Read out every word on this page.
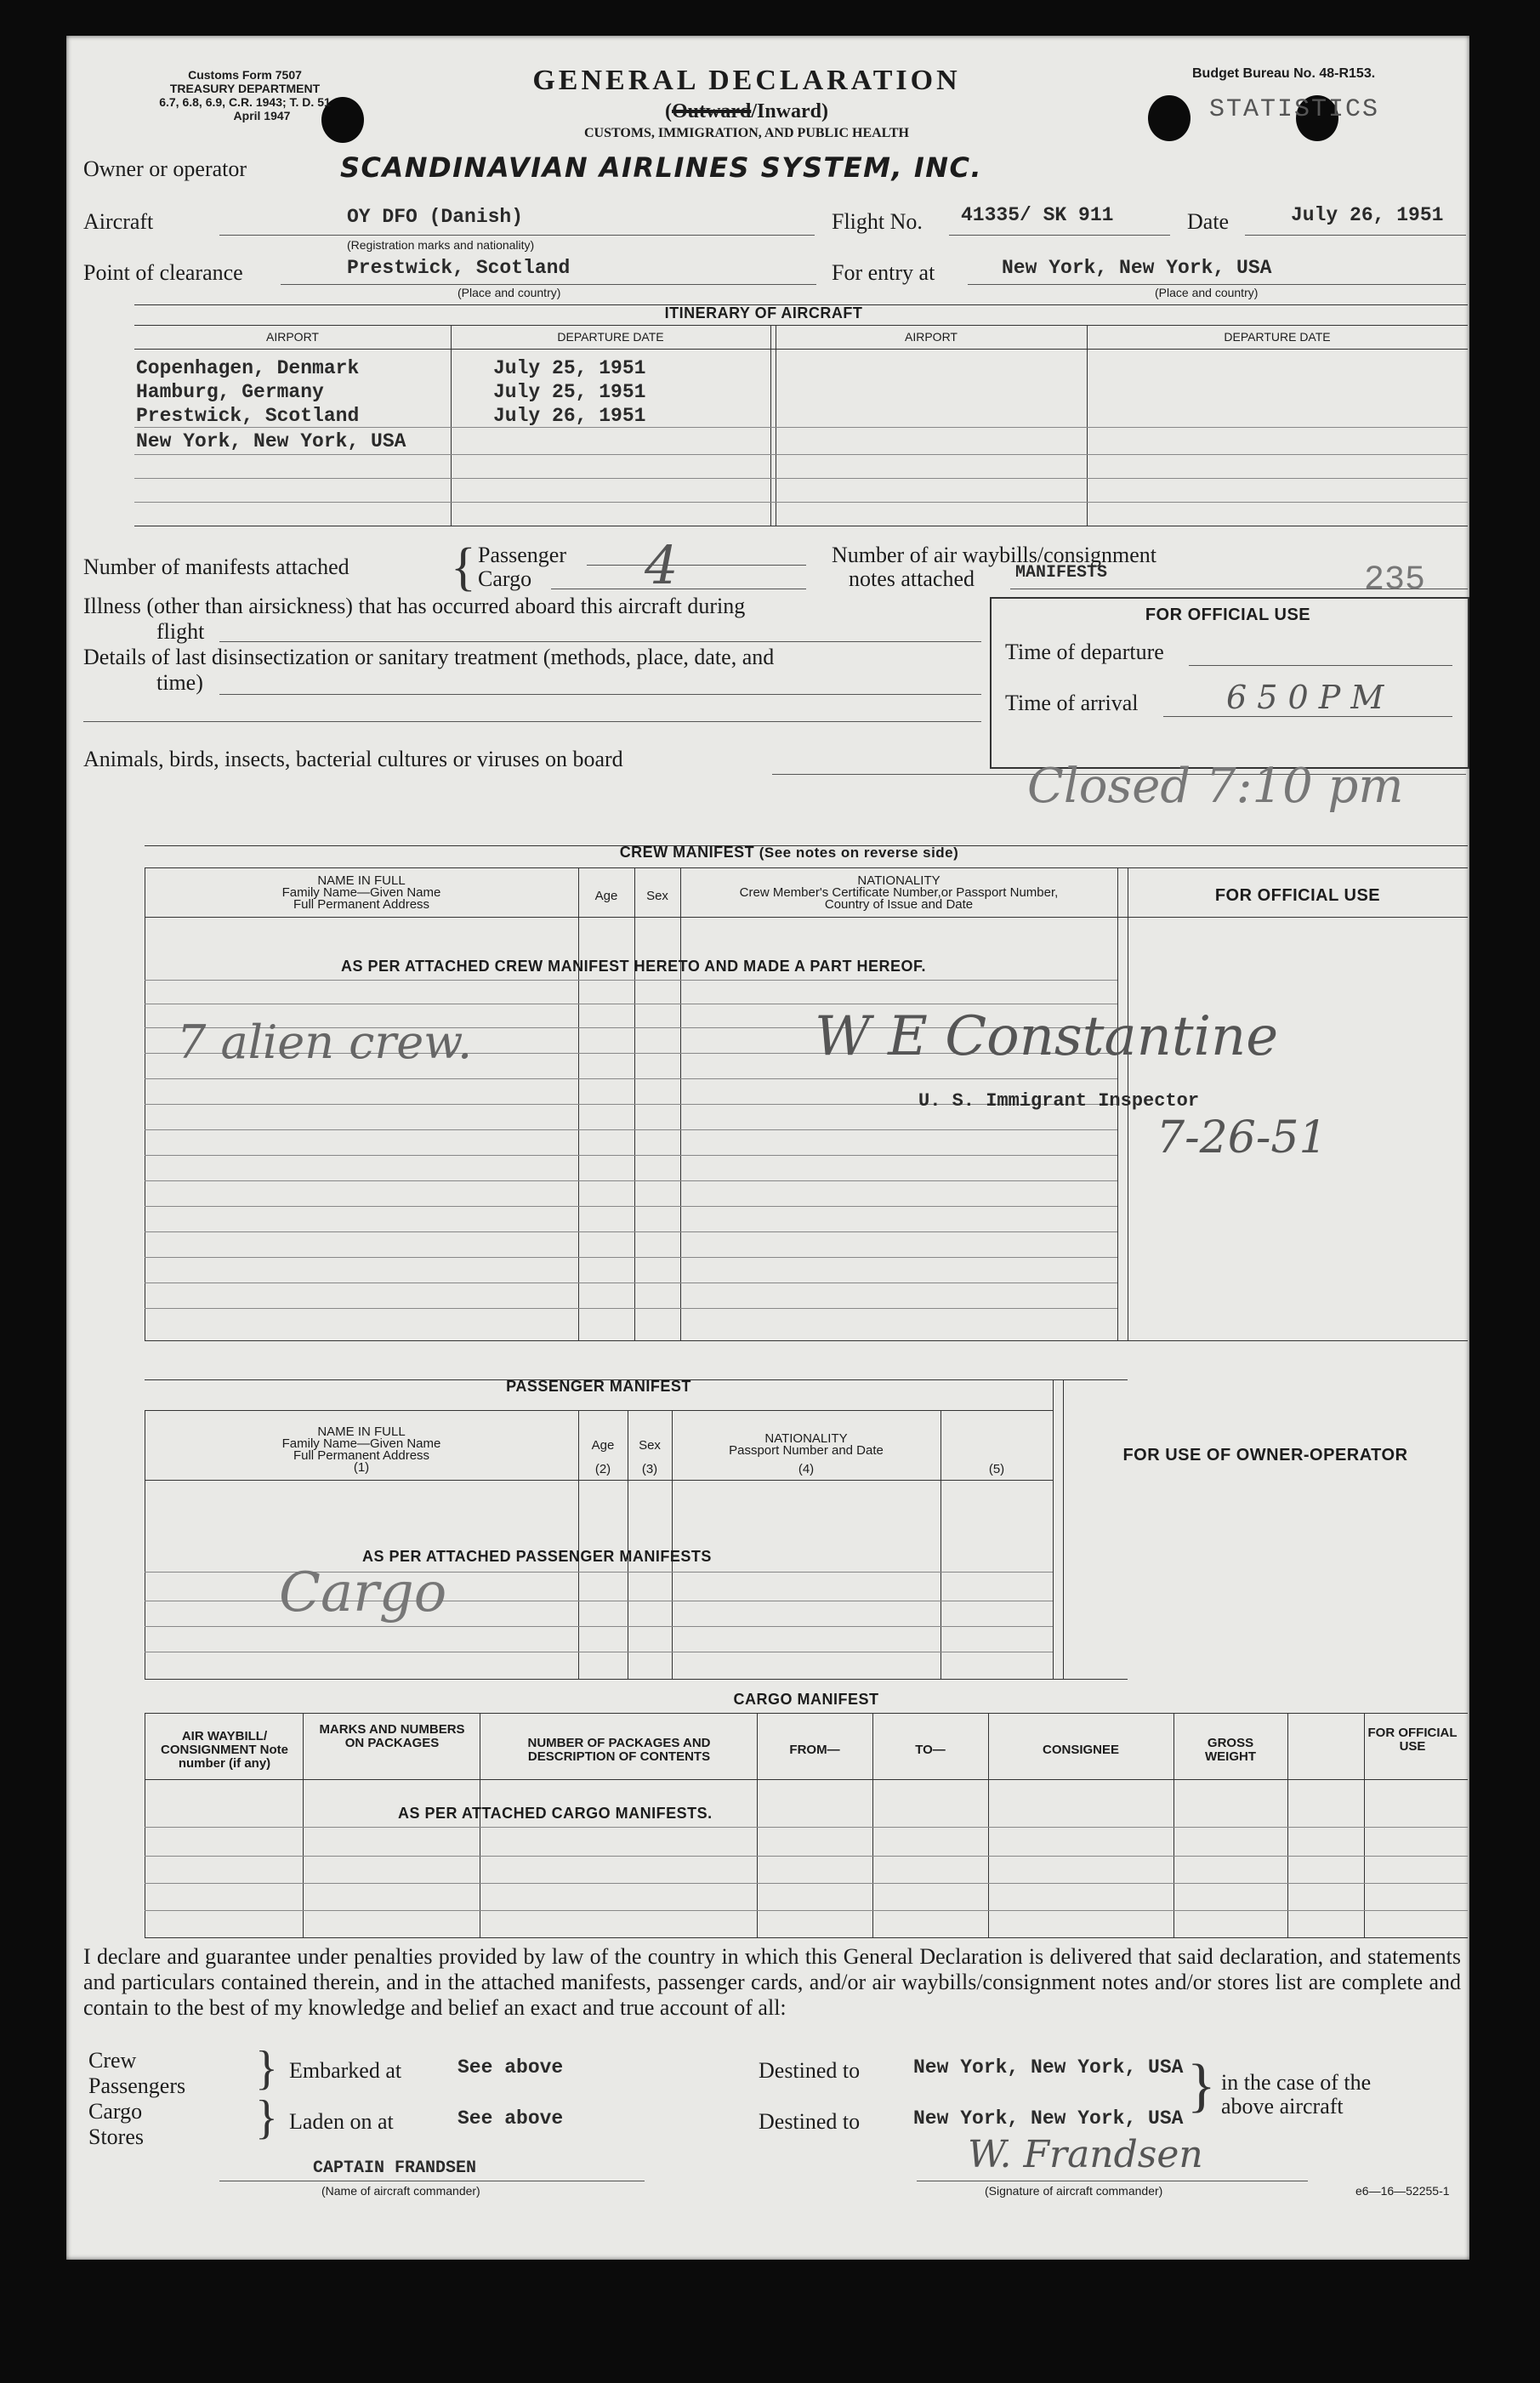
Customs Form 7507
TREASURY DEPARTMENT
6.7, 6.8, 6.9, C.R. 1943; T. D. 51
April 1947
GENERAL DECLARATION
(Outward/Inward)
CUSTOMS, IMMIGRATION, AND PUBLIC HEALTH
Budget Bureau No. 48-R153.
STATISTICS
Owner or operator	SCANDINAVIAN AIRLINES SYSTEM, INC.
Aircraft	OY DFO (Danish)
(Registration marks and nationality)
Flight No. 41335/ SK 911	Date	July 26, 1951
Point of clearance	Prestwick, Scotland
(Place and country)
For entry at	New York, New York, USA
(Place and country)
ITINERARY OF AIRCRAFT
AIRPORT	DEPARTURE DATE	AIRPORT	DEPARTURE DATE
Copenhagen, Denmark	July 25, 1951
Hamburg, Germany	July 25, 1951
Prestwick, Scotland	July 26, 1951
New York, New York, USA
Number of manifests attached { Passenger
Cargo 4	Number of air waybills/consignment
notes attached MANIFESTS	235
Illness (other than airsickness) that has occurred aboard this aircraft during
flight
Details of last disinsectization or sanitary treatment (methods, place, date, and
time)
FOR OFFICIAL USE
Time of departure
Time of arrival	6 5 0 P M
Animals, birds, insects, bacterial cultures or viruses on board	Closed 7:10 pm
CREW MANIFEST (See notes on reverse side)
NAME IN FULL
Family Name—Given Name
Full Permanent Address
Age	Sex
NATIONALITY
Crew Member's Certificate Number,or Passport Number,
Country of Issue and Date	FOR OFFICIAL USE
AS PER ATTACHED CREW MANIFEST HERETO AND MADE A PART HEREOF.
7 alien crew.	W E Constantine
U. S. Immigrant Inspector
7-26-51
PASSENGER MANIFEST
NAME IN FULL
Family Name—Given Name
Full Permanent Address
(1)
Age
(2)
Sex
(3)
NATIONALITY
Passport Number and Date
(4)	(5)
FOR USE OF OWNER-OPERATOR
AS PER ATTACHED PASSENGER MANIFESTS
Cargo
CARGO MANIFEST
AIR WAYBILL/ CONSIGNMENT Note number (if any)
MARKS AND NUMBERS ON PACKAGES	NUMBER OF PACKAGES AND DESCRIPTION OF CONTENTS	FROM—	TO—	CONSIGNEE	GROSS WEIGHT
FOR OFFICIAL USE
AS PER ATTACHED CARGO MANIFESTS.
I declare and guarantee under penalties provided by law of the country in which this General Declaration is delivered that said declaration, and statements and particulars contained therein, and in the attached manifests, passenger cards, and/or air waybills/consignment notes and/or stores list are complete and contain to the best of my knowledge and belief an exact and true account of all:
Crew
Passengers
Cargo
Stores
}
}
Embarked at	See above
Laden on at	See above
Destined to	New York, New York, USA
Destined to	New York, New York, USA } in the case of the
above aircraft
CAPTAIN FRANDSEN
(Name of aircraft commander)
W. Frandsen
(Signature of aircraft commander)	e6—16—52255-1
